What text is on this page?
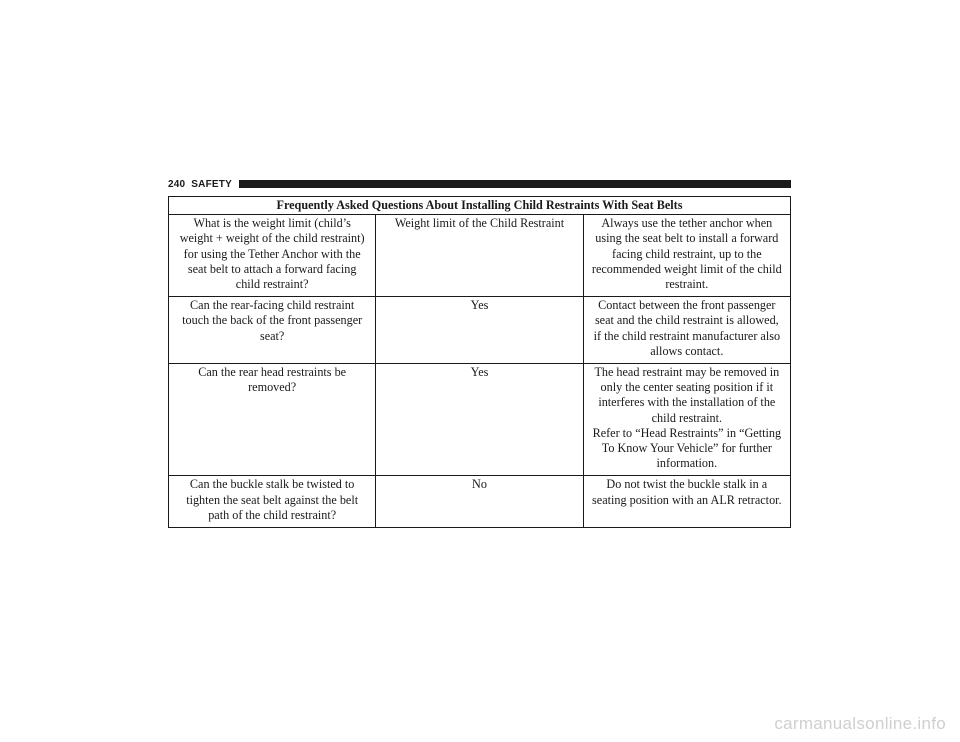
240 SAFETY
Frequently Asked Questions About Installing Child Restraints With Seat Belts		
What is the weight limit (child’s weight + weight of the child restraint) for using the Tether Anchor with the seat belt to attach a forward facing child restraint?	Weight limit of the Child Restraint	Always use the tether anchor when using the seat belt to install a forward facing child restraint, up to the recommended weight limit of the child restraint.

Can the rear-facing child restraint touch the back of the front passenger seat?	Yes	Contact between the front passenger seat and the child restraint is allowed, if the child restraint manufacturer also allows contact.

Can the rear head restraints be removed?	Yes	The head restraint may be removed in only the center seating position if it interferes with the installation of the child restraint.
Refer to “Head Restraints” in “Getting To Know Your Vehicle” for further information.

Can the buckle stalk be twisted to tighten the seat belt against the belt path of the child restraint?	No	Do not twist the buckle stalk in a seating position with an ALR retractor.
carmanualsonline.info
